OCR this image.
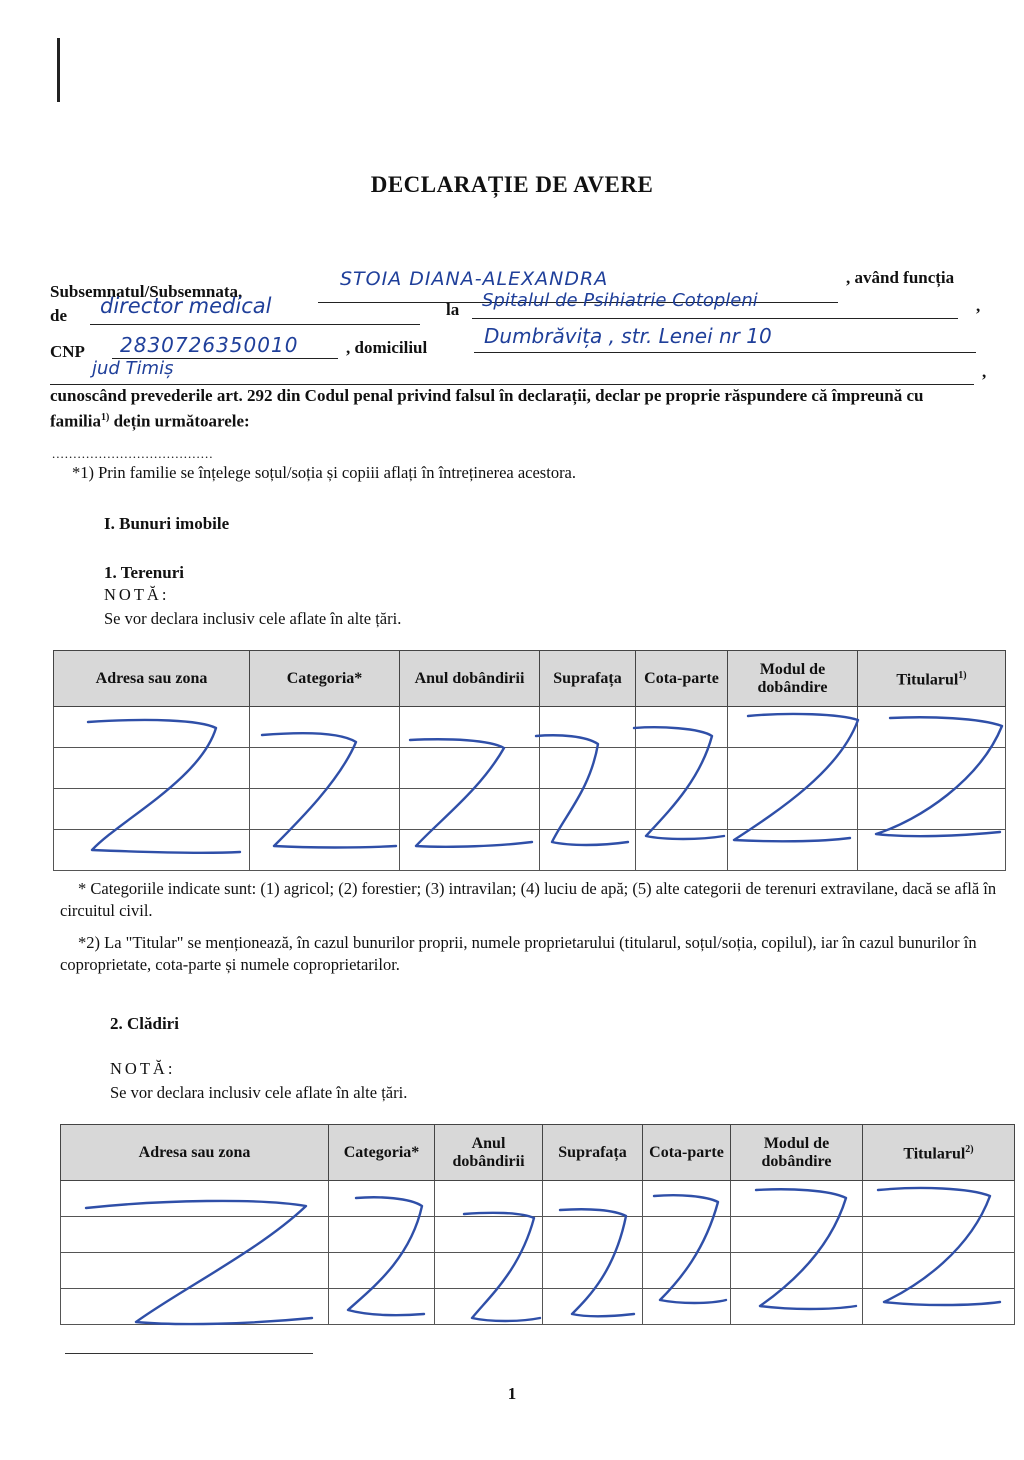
DECLARAȚIE DE AVERE
Subsemnatul/Subsemnata,
STOIA DIANA-ALEXANDRA	, având funcția
de director medical	la Spitalul de Psihiatrie Cotopleni	,
CNP 2830726350010	, domiciliul	Dumbrăvița , str. Lenei nr 10
jud Timiș	,
cunoscând prevederile art. 292 din Codul penal privind falsul în declarații, declar pe proprie răspundere că împreună cu familia$^{1)}$ dețin următoarele:
......................................
*1) Prin familie se înțelege soțul/soția și copiii aflați în întreținerea acestora.
I. Bunuri imobile
1. Terenuri
NOTĂ:
Se vor declara inclusiv cele aflate în alte țări.
Adresa sau zona	Categoria*	Anul dobândirii	Suprafața	Cota-parte	Modul de dobândire	Titularul$^{1)}$

* Categoriile indicate sunt: (1) agricol; (2) forestier; (3) intravilan; (4) luciu de apă; (5) alte categorii de terenuri extravilane, dacă se află în circuitul civil.
*2) La "Titular" se menționează, în cazul bunurilor proprii, numele proprietarului (titularul, soțul/soția, copilul), iar în cazul bunurilor în coproprietate, cota-parte și numele coproprietarilor.
2. Clădiri
NOTĂ:
Se vor declara inclusiv cele aflate în alte țări.
Adresa sau zona	Categoria*	Anul dobândirii	Suprafața	Cota-parte	Modul de dobândire	Titularul$^{2)}$

1
